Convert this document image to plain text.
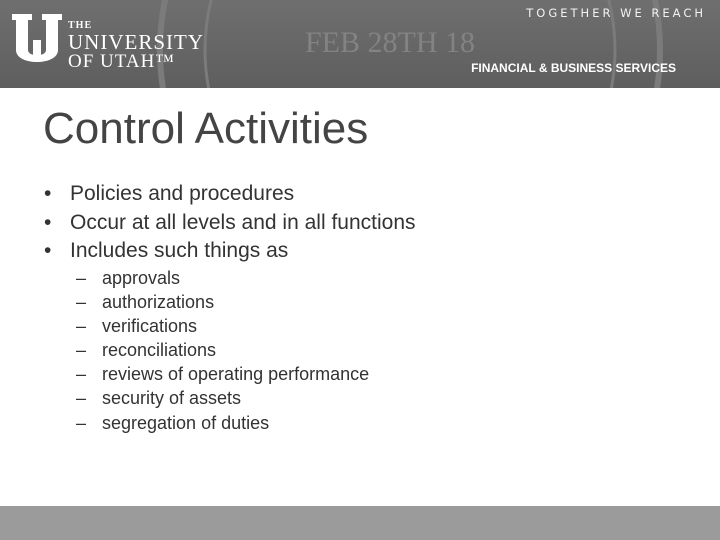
FEB 28TH 18
TOGETHER WE REACH
THE
UNIVERSITY
OF UTAH™	FINANCIAL & BUSINESS SERVICES
Control Activities
• Policies and procedures
• Occur at all levels and in all functions
• Includes such things as
– approvals
– authorizations
– verifications
– reconciliations
– reviews of operating performance
– security of assets
– segregation of duties
